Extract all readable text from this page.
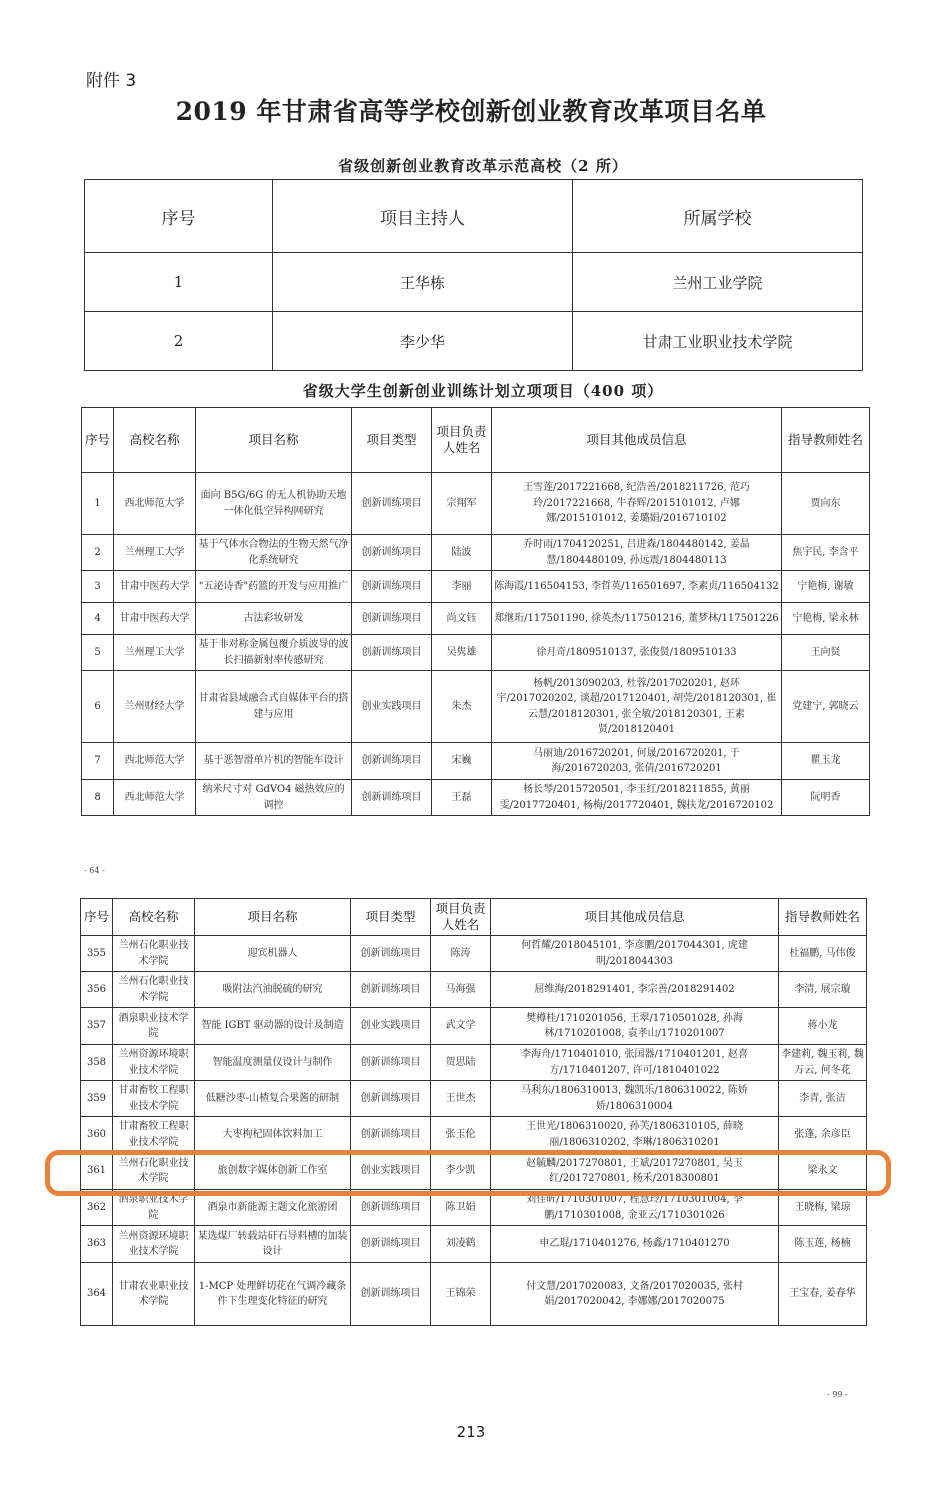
附件 3
2019 年甘肃省高等学校创新创业教育改革项目名单
省级创新创业教育改革示范高校（2 所）
序号	项目主持人	所属学校
1	王华栋	兰州工业学院
2	李少华	甘肃工业职业技术学院
省级大学生创新创业训练计划立项项目（400 项）
序号	高校名称	项目名称	项目类型	项目负责人姓名	项目其他成员信息	指导教师姓名
1	西北师范大学	面向 B5G/6G 的无人机协助天地一体化低空异构网研究	创新训练项目	宗翔军	王雪莲/2017221668, 纪浩善/2018211726, 范巧玲/2017221668, 牛春辉/2015101012, 卢娜娜/2015101012, 姜璐娟/2016710102	贾向东
2	兰州理工大学	基于气体水合物法的生物天然气净化系统研究	创新训练项目	陆波	乔时雨/1704120251, 吕进森/1804480142, 姜晶慧/1804480109, 孙远震/1804480113	焦宇民, 李含平
3	甘肃中医药大学	"五泌诗香"药篮的开发与应用推广	创新训练项目	李丽	陈海霞/116504153, 李哲英/116501697, 李素贞/116504132	宁艳梅, 谢敏
4	甘肃中医药大学	古法彩妆研发	创新训练项目	尚文钰	郑继珩/117501190, 徐英杰/117501216, 董梦林/117501226	宁艳梅, 梁永林
5	兰州理工大学	基于非对称金属包覆介质波导的波长扫描新射率传感研究	创新训练项目	吴隽雄	徐月奇/1809510137, 张俊贤/1809510133	王向贤
6	兰州财经大学	甘肃省县域融合式自媒体平台的搭建与应用	创业实践项目	朱杰	杨帆/2013090203, 杜蓉/2017020201, 赵环宇/2017020202, 谈超/2017120401, 胡莞/2018120301, 崔云慧/2018120301, 张全敏/2018120301, 王素贤/2018120401	党建宁, 郭晓云
7	西北师范大学	基于恶智滑单片机的智能车设计	创新训练项目	宋巍	马丽迪/2016720201, 何晟/2016720201, 于海/2016720203, 张倩/2016720201	瞿玉龙
8	西北师范大学	纳米尺寸对 GdVO4 磁热效应的调控	创新训练项目	王磊	杨长琴/2015720501, 李玉红/2018211855, 黄丽雯/2017720401, 杨梅/2017720401, 魏扶龙/2016720102	阮明香
- 64 -
序号	高校名称	项目名称	项目类型	项目负责人姓名	项目其他成员信息	指导教师姓名
355	兰州石化职业技术学院	迎宾机器人	创新训练项目	陈涛	何哲耀/2018045101, 李彦鹏/2017044301, 虎建明/2018044303	杜福鹏, 马伟俊
356	兰州石化职业技术学院	吸附法汽油脱硫的研究	创新训练项目	马海强	屈维海/2018291401, 李宗善/2018291402	李清, 展宗璇
357	酒泉职业技术学院	智能 IGBT 驱动器的设计及制造	创业实践项目	武文学	樊樽桂/1710201056, 王翠/1710501028, 孙海林/1710201008, 袁孝山/1710201007	蒋小龙
358	兰州资源环境职业技术学院	智能温度测量仪设计与制作	创新训练项目	贺思陆	李海舟/1710401010, 张国器/1710401201, 赵喜方/1710401207, 许可/1810401022	李建莉, 魏玉莉, 魏万云, 何冬花
359	甘肃畜牧工程职业技术学院	低糖沙枣-山楂复合果酱的研制	创新训练项目	王世杰	马利东/1806310013, 魏凯乐/1806310022, 陈娇娇/1806310004	李青, 张洁
360	甘肃畜牧工程职业技术学院	大枣枸杞固体饮料加工	创新训练项目	张玉伦	王世光/1806310020, 孙芙/1806310105, 薛晓丽/1806310202, 李琳/1806310201	张蓬, 余彦臣
361	兰州石化职业技术学院	旅创数字媒体创新工作室	创业实践项目	李少凯	赵毓麟/2017270801, 王斌/2017270801, 吴玉红/2017270801, 杨禾/2018300801	梁永文
362	酒泉职业技术学院	酒泉市新能源主题文化旅游团	创新训练项目	陈卫娟	刘佳昕/1710301007, 程慧玲/1710301004, 李鹏/1710301008, 金亚云/1710301026	王晓梅, 梁琼
363	兰州资源环境职业技术学院	某选煤厂转载站矸石导料槽的加装设计	创新训练项目	刘凌鹤	申乙琨/1710401276, 杨鑫/1710401270	陈玉莲, 杨楠
364	甘肃农业职业技术学院	1-MCP 处理鲜切花在气调冷藏条件下生理变化特征的研究	创新训练项目	王锦荣	付文慧/2017020083, 文备/2017020035, 张村娟/2017020042, 李娜娜/2017020075	王宝春, 姜春华
- 99 -
213
